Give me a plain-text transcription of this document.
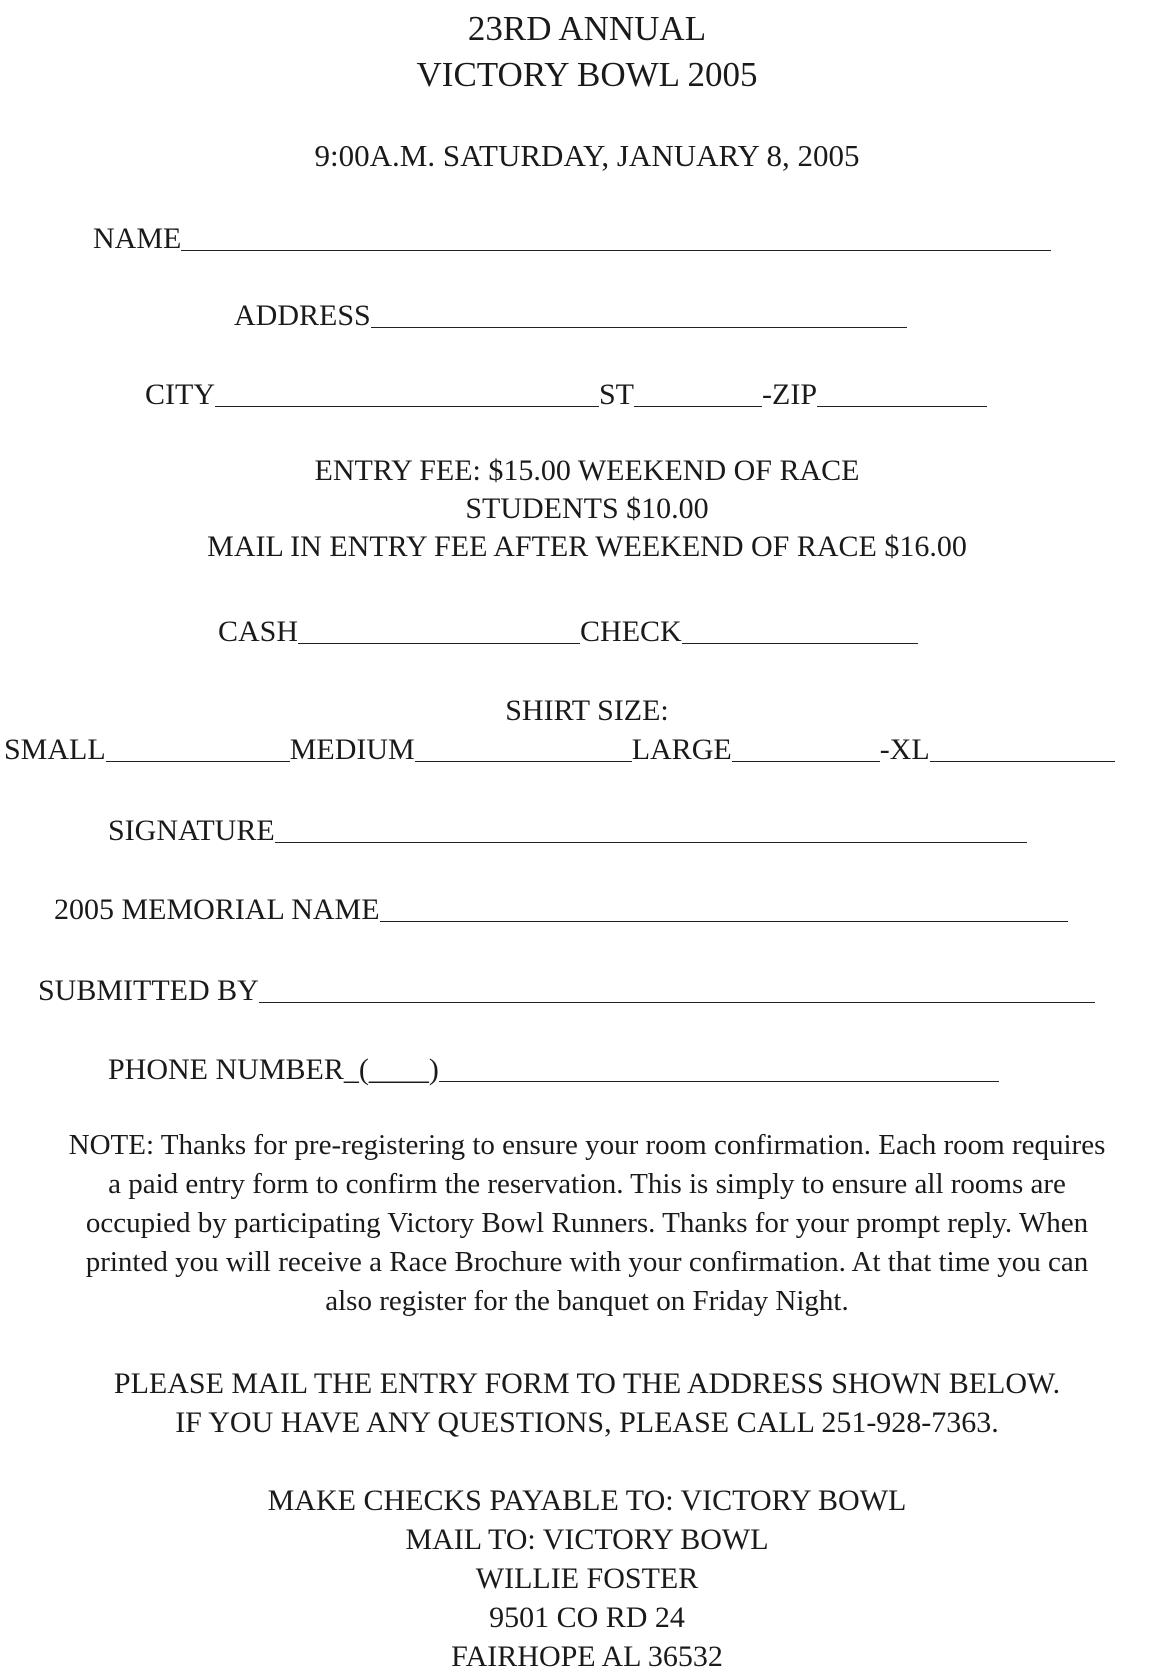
23RD ANNUAL
VICTORY BOWL 2005
9:00A.M. SATURDAY, JANUARY 8, 2005
NAME
ADDRESS
CITY	ST	-ZIP
ENTRY FEE: $15.00 WEEKEND OF RACE
STUDENTS $10.00
MAIL IN ENTRY FEE AFTER WEEKEND OF RACE $16.00
CASH	CHECK
SHIRT SIZE:
SMALL	MEDIUM	LARGE	-XL
SIGNATURE
2005 MEMORIAL NAME
SUBMITTED BY
PHONE NUMBER_(____)
NOTE: Thanks for pre-registering to ensure your room confirmation. Each room requires
a paid entry form to confirm the reservation. This is simply to ensure all rooms are
occupied by participating Victory Bowl Runners. Thanks for your prompt reply. When
printed you will receive a Race Brochure with your confirmation. At that time you can
also register for the banquet on Friday Night.
PLEASE MAIL THE ENTRY FORM TO THE ADDRESS SHOWN BELOW.
IF YOU HAVE ANY QUESTIONS, PLEASE CALL 251-928-7363.
MAKE CHECKS PAYABLE TO: VICTORY BOWL
MAIL TO: VICTORY BOWL
WILLIE FOSTER
9501 CO RD 24
FAIRHOPE AL 36532
